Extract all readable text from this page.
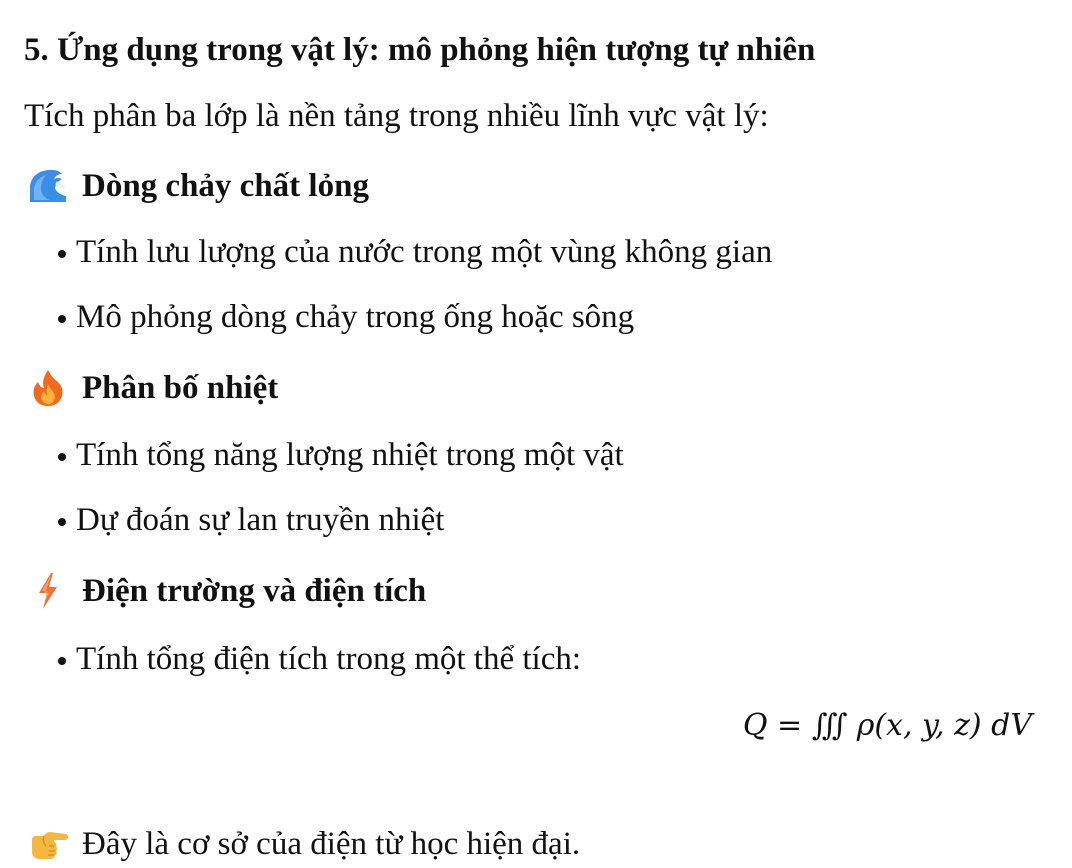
5. Ứng dụng trong vật lý: mô phỏng hiện tượng tự nhiên
Tích phân ba lớp là nền tảng trong nhiều lĩnh vực vật lý:
Dòng chảy chất lỏng
Tính lưu lượng của nước trong một vùng không gian
Mô phỏng dòng chảy trong ống hoặc sông
Phân bố nhiệt
Tính tổng năng lượng nhiệt trong một vật
Dự đoán sự lan truyền nhiệt
Điện trường và điện tích
Tính tổng điện tích trong một thể tích:
Q = ∭ ρ(x, y, z) dV
Đây là cơ sở của điện từ học hiện đại.
